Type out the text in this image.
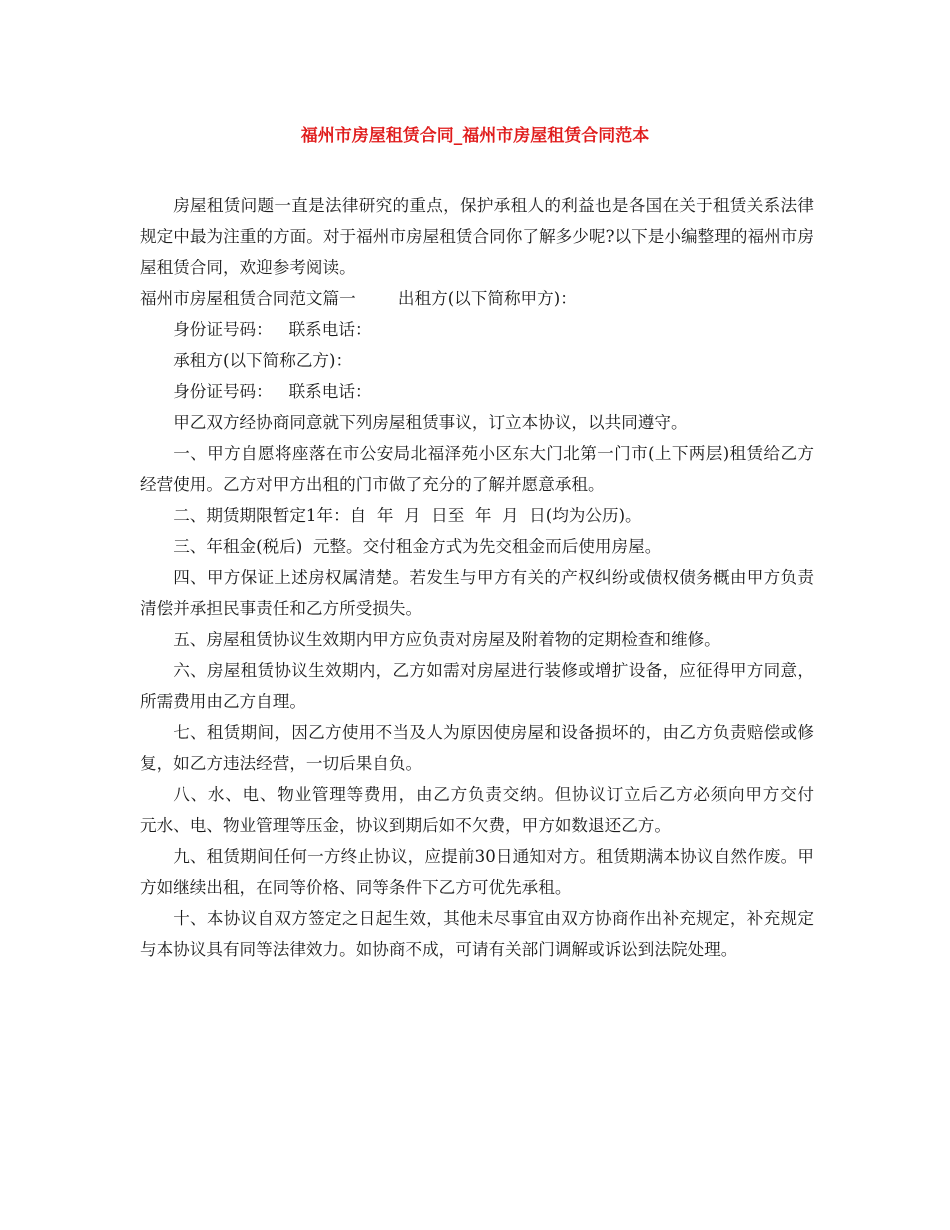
福州市房屋租赁合同_福州市房屋租赁合同范本

房屋租赁问题一直是法律研究的重点，保护承租人的利益也是各国在关于租赁关系法律规定中最为注重的方面。对于福州市房屋租赁合同你了解多少呢?以下是小编整理的福州市房屋租赁合同，欢迎参考阅读。

福州市房屋租赁合同范文篇一        出租方(以下简称甲方)：

身份证号码：   联系电话：

承租方(以下简称乙方)：

身份证号码：   联系电话：

甲乙双方经协商同意就下列房屋租赁事议，订立本协议，以共同遵守。

一、甲方自愿将座落在市公安局北福泽苑小区东大门北第一门市(上下两层)租赁给乙方经营使用。乙方对甲方出租的门市做了充分的了解并愿意承租。

二、期赁期限暂定1年：自  年  月  日至  年  月  日(均为公历)。

三、年租金(税后)  元整。交付租金方式为先交租金而后使用房屋。

四、甲方保证上述房权属清楚。若发生与甲方有关的产权纠纷或债权债务概由甲方负责清偿并承担民事责任和乙方所受损失。

五、房屋租赁协议生效期内甲方应负责对房屋及附着物的定期检查和维修。

六、房屋租赁协议生效期内，乙方如需对房屋进行装修或增扩设备，应征得甲方同意，所需费用由乙方自理。

七、租赁期间，因乙方使用不当及人为原因使房屋和设备损坏的，由乙方负责赔偿或修复，如乙方违法经营，一切后果自负。

八、水、电、物业管理等费用，由乙方负责交纳。但协议订立后乙方必须向甲方交付  元水、电、物业管理等压金，协议到期后如不欠费，甲方如数退还乙方。

九、租赁期间任何一方终止协议，应提前30日通知对方。租赁期满本协议自然作废。甲方如继续出租，在同等价格、同等条件下乙方可优先承租。

十、本协议自双方签定之日起生效，其他未尽事宜由双方协商作出补充规定，补充规定与本协议具有同等法律效力。如协商不成，可请有关部门调解或诉讼到法院处理。
